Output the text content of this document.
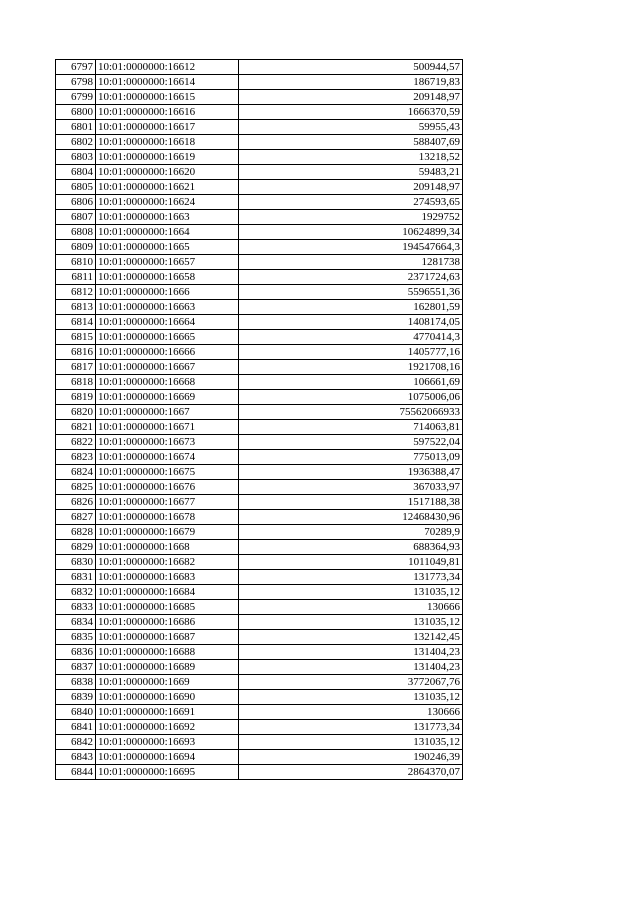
6797	10:01:0000000:16612	500944,57
6798	10:01:0000000:16614	186719,83
6799	10:01:0000000:16615	209148,97
6800	10:01:0000000:16616	1666370,59
6801	10:01:0000000:16617	59955,43
6802	10:01:0000000:16618	588407,69
6803	10:01:0000000:16619	13218,52
6804	10:01:0000000:16620	59483,21
6805	10:01:0000000:16621	209148,97
6806	10:01:0000000:16624	274593,65
6807	10:01:0000000:1663	1929752
6808	10:01:0000000:1664	10624899,34
6809	10:01:0000000:1665	194547664,3
6810	10:01:0000000:16657	1281738
6811	10:01:0000000:16658	2371724,63
6812	10:01:0000000:1666	5596551,36
6813	10:01:0000000:16663	162801,59
6814	10:01:0000000:16664	1408174,05
6815	10:01:0000000:16665	4770414,3
6816	10:01:0000000:16666	1405777,16
6817	10:01:0000000:16667	1921708,16
6818	10:01:0000000:16668	106661,69
6819	10:01:0000000:16669	1075006,06
6820	10:01:0000000:1667	75562066933
6821	10:01:0000000:16671	714063,81
6822	10:01:0000000:16673	597522,04
6823	10:01:0000000:16674	775013,09
6824	10:01:0000000:16675	1936388,47
6825	10:01:0000000:16676	367033,97
6826	10:01:0000000:16677	1517188,38
6827	10:01:0000000:16678	12468430,96
6828	10:01:0000000:16679	70289,9
6829	10:01:0000000:1668	688364,93
6830	10:01:0000000:16682	1011049,81
6831	10:01:0000000:16683	131773,34
6832	10:01:0000000:16684	131035,12
6833	10:01:0000000:16685	130666
6834	10:01:0000000:16686	131035,12
6835	10:01:0000000:16687	132142,45
6836	10:01:0000000:16688	131404,23
6837	10:01:0000000:16689	131404,23
6838	10:01:0000000:1669	3772067,76
6839	10:01:0000000:16690	131035,12
6840	10:01:0000000:16691	130666
6841	10:01:0000000:16692	131773,34
6842	10:01:0000000:16693	131035,12
6843	10:01:0000000:16694	190246,39
6844	10:01:0000000:16695	2864370,07
